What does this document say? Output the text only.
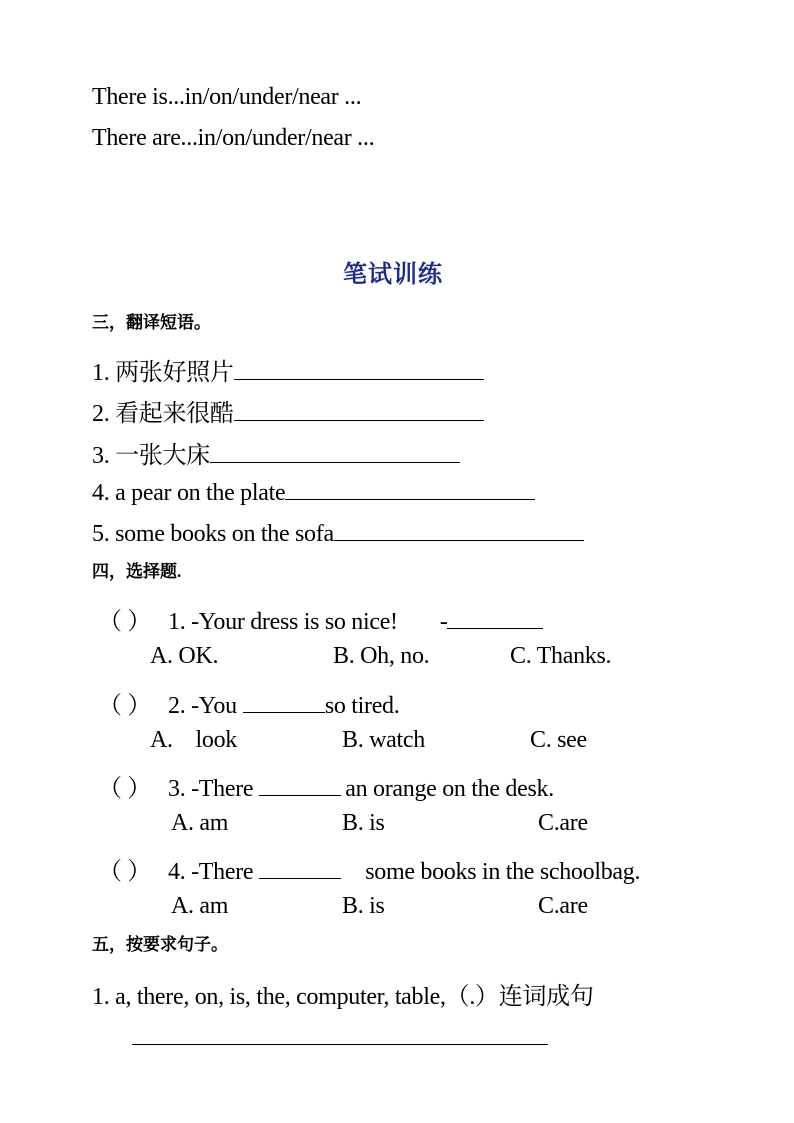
There is...in/on/under/near ...
There are...in/on/under/near ...
笔试训练
三，翻译短语。
1. 两张好照片
2. 看起来很酷
3. 一张大床
4. a pear on the plate
5. some books on the sofa
四，选择题.
（ ） 1. -Your dress is so nice! -
A. OK.	B. Oh, no.	C. Thanks.
（ ） 2. -You	so tired.
A.    look	B. watch	C. see
（ ） 3. -There	an orange on the desk.
A. am	B. is	C.are
（ ） 4. -There	some books in the schoolbag.
A. am	B. is	C.are
五，按要求句子。
1. a, there, on, is, the, computer, table,（.）连词成句
